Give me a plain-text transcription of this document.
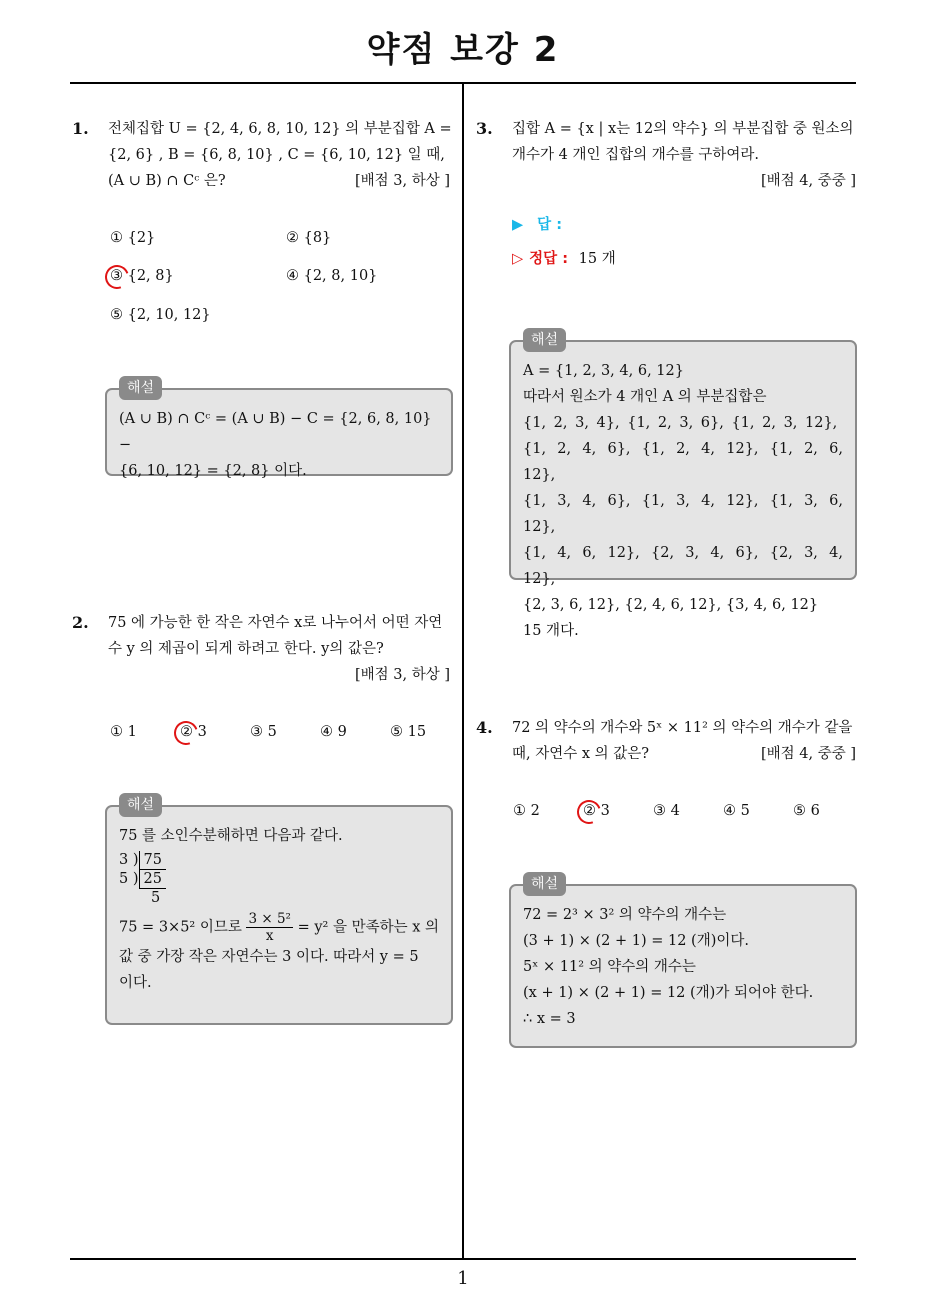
약점 보강 2
1
1. 전체집합 U = {2, 4, 6, 8, 10, 12} 의 부분집합 A =
{2, 6} , B = {6, 8, 10} , C = {6, 10, 12} 일 때,
(A ∪ B) ∩ Cᶜ 은?	[배점 3, 하상 ]
① {2}	② {8}
③ {2, 8}	④ {2, 8, 10}
⑤ {2, 10, 12}
해설
(A ∪ B) ∩ Cᶜ = (A ∪ B) − C = {2, 6, 8, 10} −
{6, 10, 12} = {2, 8} 이다.
2. 75 에 가능한 한 작은 자연수 x로 나누어서 어떤 자연
수 y 의 제곱이 되게 하려고 한다. y의 값은?
[배점 3, 하상 ]
① 1	② 3	③ 5	④ 9	⑤ 15
해설
75 를 소인수분해하면 다음과 같다.
3 ) 75
5 ) 25
5
75 = 3×5² 이므로 $\frac{\text{3 × 5²}}{x} = y^2$ 을 만족하는 x 의
값 중 가장 작은 자연수는 3 이다. 따라서 y = 5
이다.
3. 집합 A = {x | x는 12의 약수} 의 부분집합 중 원소의
개수가 4 개인 집합의 개수를 구하여라.
[배점 4, 중중 ]
▶ 답 :
▷ 정답 : 15 개
해설
A = {1, 2, 3, 4, 6, 12}
따라서 원소가 4 개인 A 의 부분집합은
{1, 2, 3, 4}, {1, 2, 3, 6}, {1, 2, 3, 12},
{1, 2, 4, 6}, {1, 2, 4, 12}, {1, 2, 6, 12},
{1, 3, 4, 6}, {1, 3, 4, 12}, {1, 3, 6, 12},
{1, 4, 6, 12}, {2, 3, 4, 6}, {2, 3, 4, 12},
{2, 3, 6, 12}, {2, 4, 6, 12}, {3, 4, 6, 12}
15 개다.
4. 72 의 약수의 개수와 5ˣ × 11² 의 약수의 개수가 같을
때, 자연수 x 의 값은?	[배점 4, 중중 ]
① 2	② 3	③ 4	④ 5	⑤ 6
해설
72 = 2³ × 3² 의 약수의 개수는
(3 + 1) × (2 + 1) = 12 (개)이다.
5ˣ × 11² 의 약수의 개수는
(x + 1) × (2 + 1) = 12 (개)가 되어야 한다.
∴ x = 3
